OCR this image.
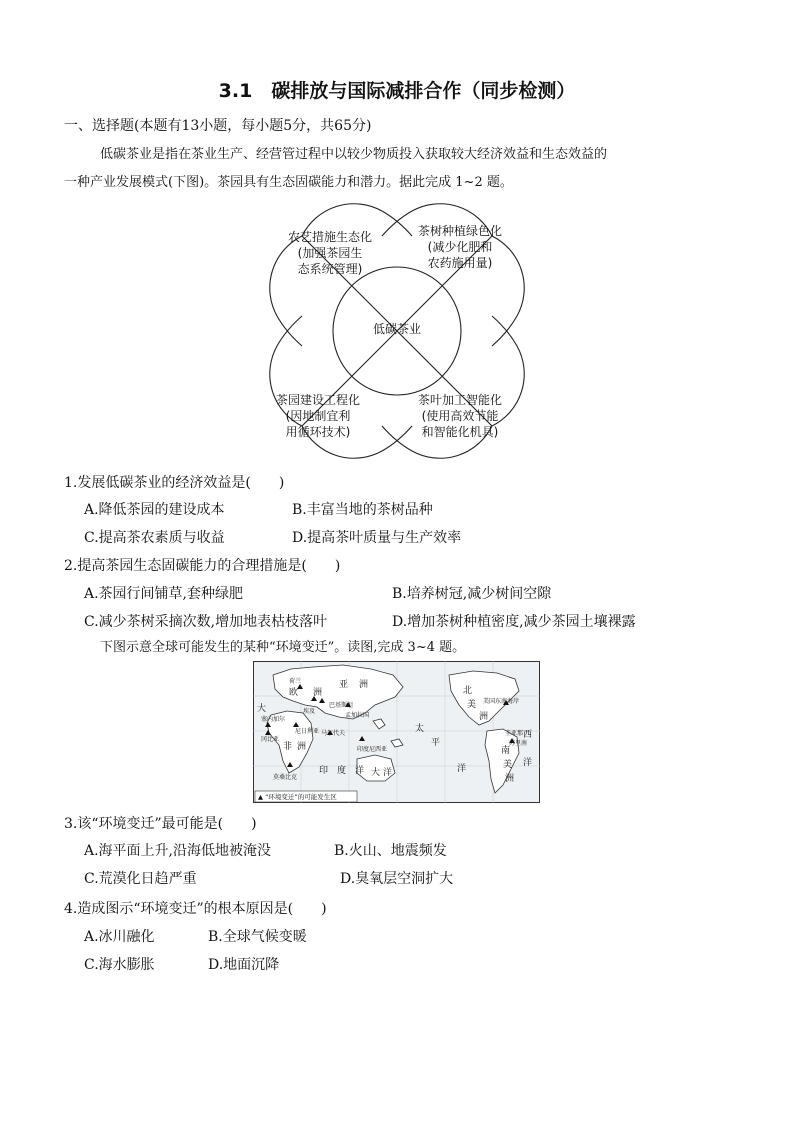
3.1　碳排放与国际减排合作（同步检测）
一、选择题(本题有13小题，每小题5分，共65分)
低碳茶业是指在茶业生产、经营管过程中以较少物质投入获取较大经济效益和生态效益的
一种产业发展模式(下图)。茶园具有生态固碳能力和潜力。据此完成 1~2 题。
农艺措施生态化
(加强茶园生
态系统管理)
茶树种植绿色化
(减少化肥和
农药施用量)
低碳茶业
茶园建设工程化
(因地制宜利
用循环技术)
茶叶加工智能化
(使用高效节能
和智能化机具)
1.发展低碳茶业的经济效益是(　　)
A.降低茶园的建设成本	B.丰富当地的茶树品种
C.提高茶农素质与收益	D.提高茶叶质量与生产效率
2.提高茶园生态固碳能力的合理措施是(　　)
A.茶园行间铺草,套种绿肥	B.培养树冠,减少树间空隙
C.减少茶树采摘次数,增加地表枯枝落叶	D.增加茶树种植密度,减少茶园土壤裸露
下图示意全球可能发生的某种“环境变迁”。读图,完成 3~4 题。
欧
亚 洲
洲	北
美
洲
非 洲	南
美
洲
大 洋
太
平
大
西
洋
洋
印　度　洋
巴基斯坦
孟加拉国
马尔代夫
塞内加尔
冈比亚
尼日利亚
埃及
荷兰
莫桑比克
印度尼西亚
美国东南海岸
圭亚那
苏里南
▲ “环境变迁”的可能发生区
3.该“环境变迁”最可能是(　　)
A.海平面上升,沿海低地被淹没	B.火山、地震频发
C.荒漠化日趋严重	D.臭氧层空洞扩大
4.造成图示“环境变迁”的根本原因是(　　)
A.冰川融化	B.全球气候变暖
C.海水膨胀	D.地面沉降
